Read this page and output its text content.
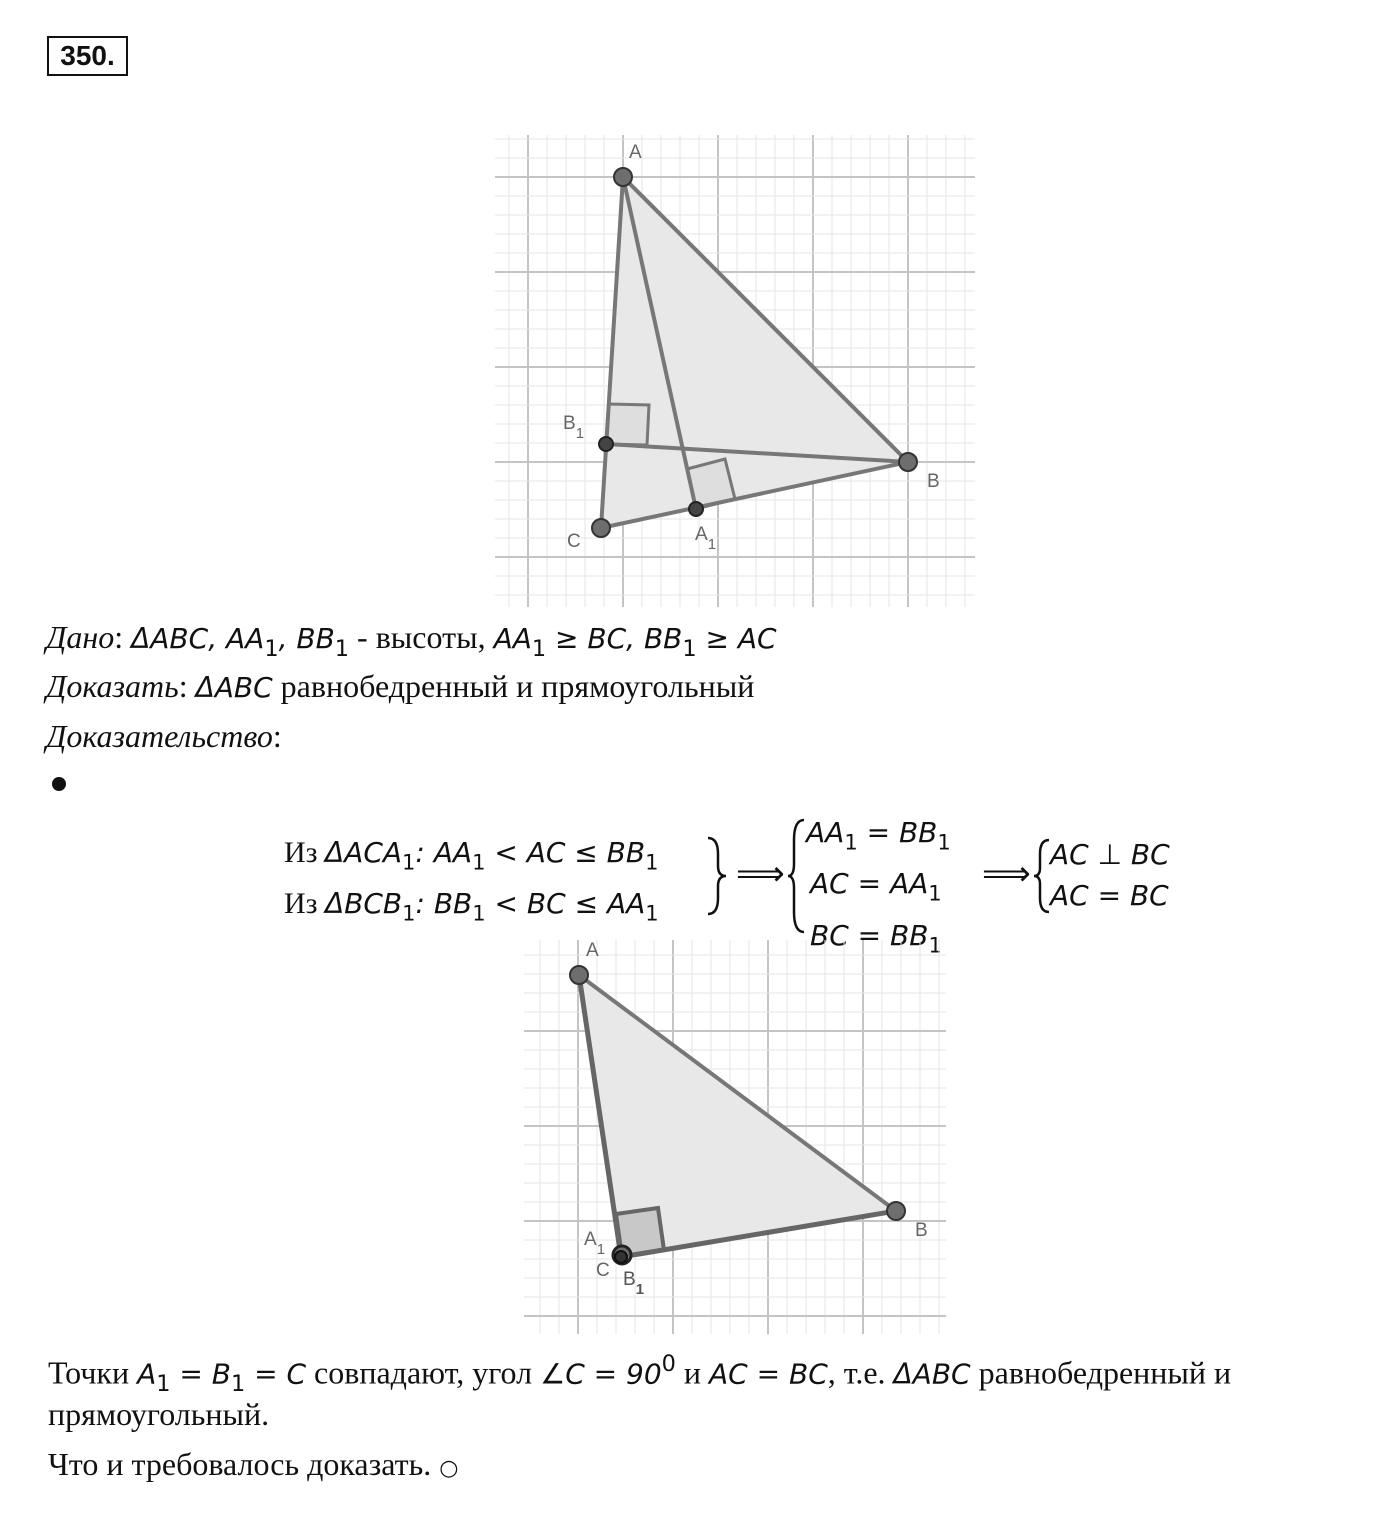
350.
A
B
C	$A_1$
$B_1$
Дано: ΔABC, $AA_1$, $BB_1$ - высоты, $AA_1$ ≥ BC, $BB_1$ ≥ AC
Доказать: ΔABC равнобедренный и прямоугольный
Доказательство:
Из $\Delta ACA_1$: $AA_1$ < AC ≤ $BB_1$
Из $\Delta BCB_1$: $BB_1$ < BC ≤ $AA_1$
⟹
$AA_1 = BB_1$
AC = $AA_1$
BC = $BB_1$
⟹ AC ⊥ BC
AC = BC
A
B
C
$A_1$
$B_1$
Точки $A_1 = B_1 = C$ совпадают, угол ∠C = $90^0$ и AC = BC, т.е. ΔABC равнобедренный и
прямоугольный.
Что и требовалось доказать. ○
